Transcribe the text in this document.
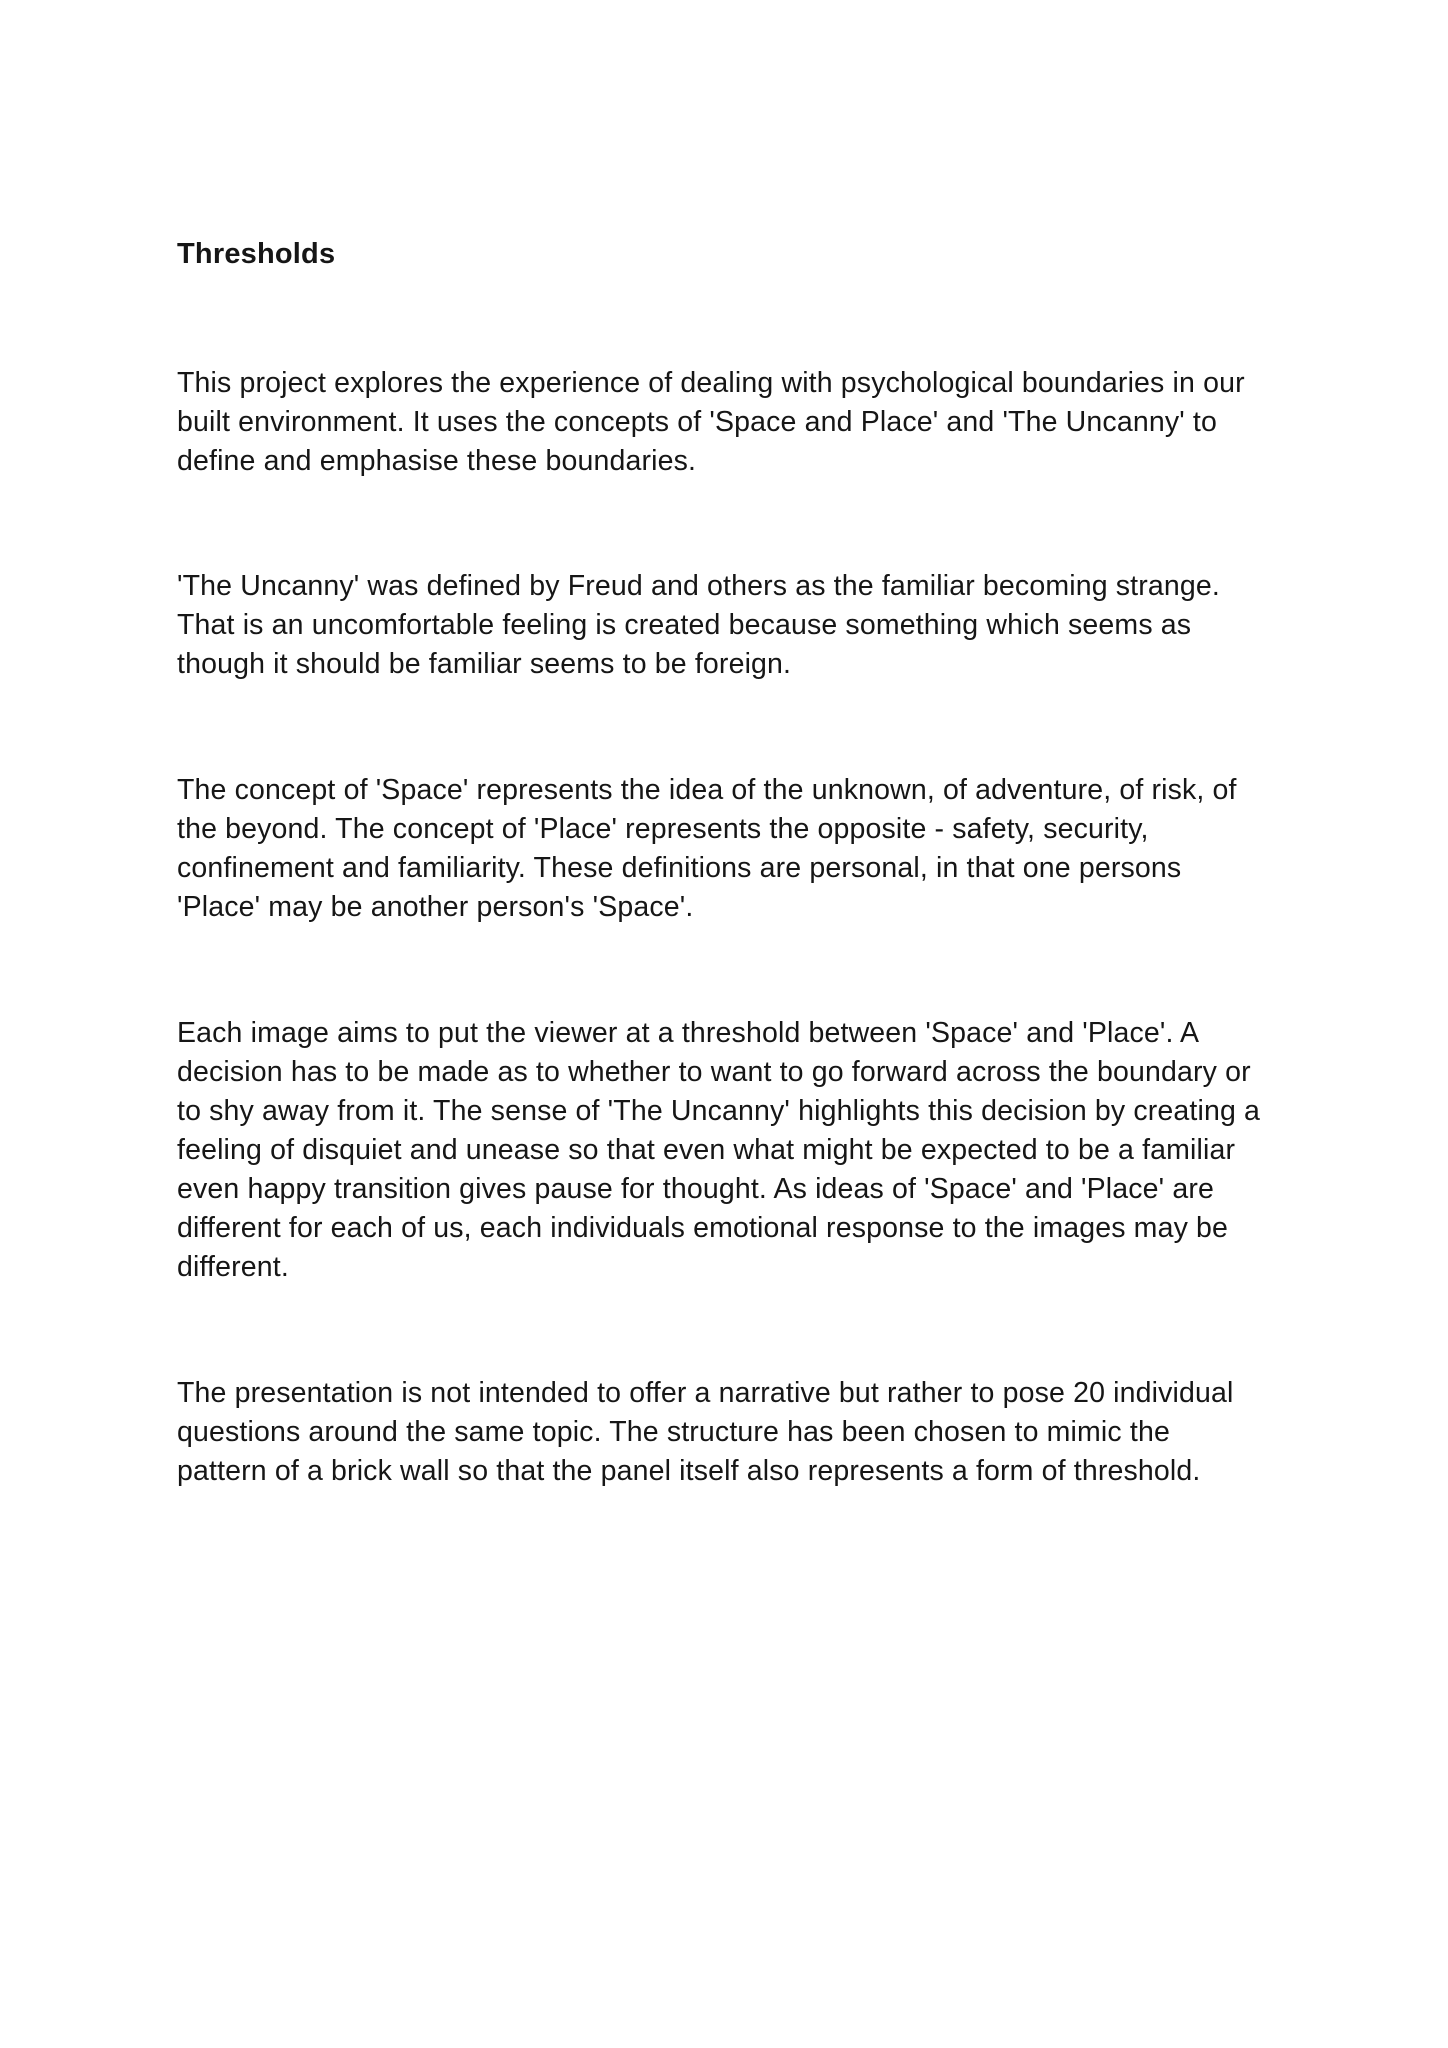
Thresholds

This project explores the experience of dealing with psychological boundaries in our
built environment. It uses the concepts of 'Space and Place' and 'The Uncanny' to
define and emphasise these boundaries.

'The Uncanny' was defined by Freud and others as the familiar becoming strange.
That is an uncomfortable feeling is created because something which seems as
though it should be familiar seems to be foreign.

The concept of 'Space' represents the idea of the unknown, of adventure, of risk, of
the beyond. The concept of 'Place' represents the opposite - safety, security,
confinement and familiarity. These definitions are personal, in that one persons
'Place' may be another person's 'Space'.

Each image aims to put the viewer at a threshold between 'Space' and 'Place'. A
decision has to be made as to whether to want to go forward across the boundary or
to shy away from it. The sense of 'The Uncanny' highlights this decision by creating a
feeling of disquiet and unease so that even what might be expected to be a familiar
even happy transition gives pause for thought. As ideas of 'Space' and 'Place' are
different for each of us, each individuals emotional response to the images may be
different.

The presentation is not intended to offer a narrative but rather to pose 20 individual
questions around the same topic. The structure has been chosen to mimic the
pattern of a brick wall so that the panel itself also represents a form of threshold.
